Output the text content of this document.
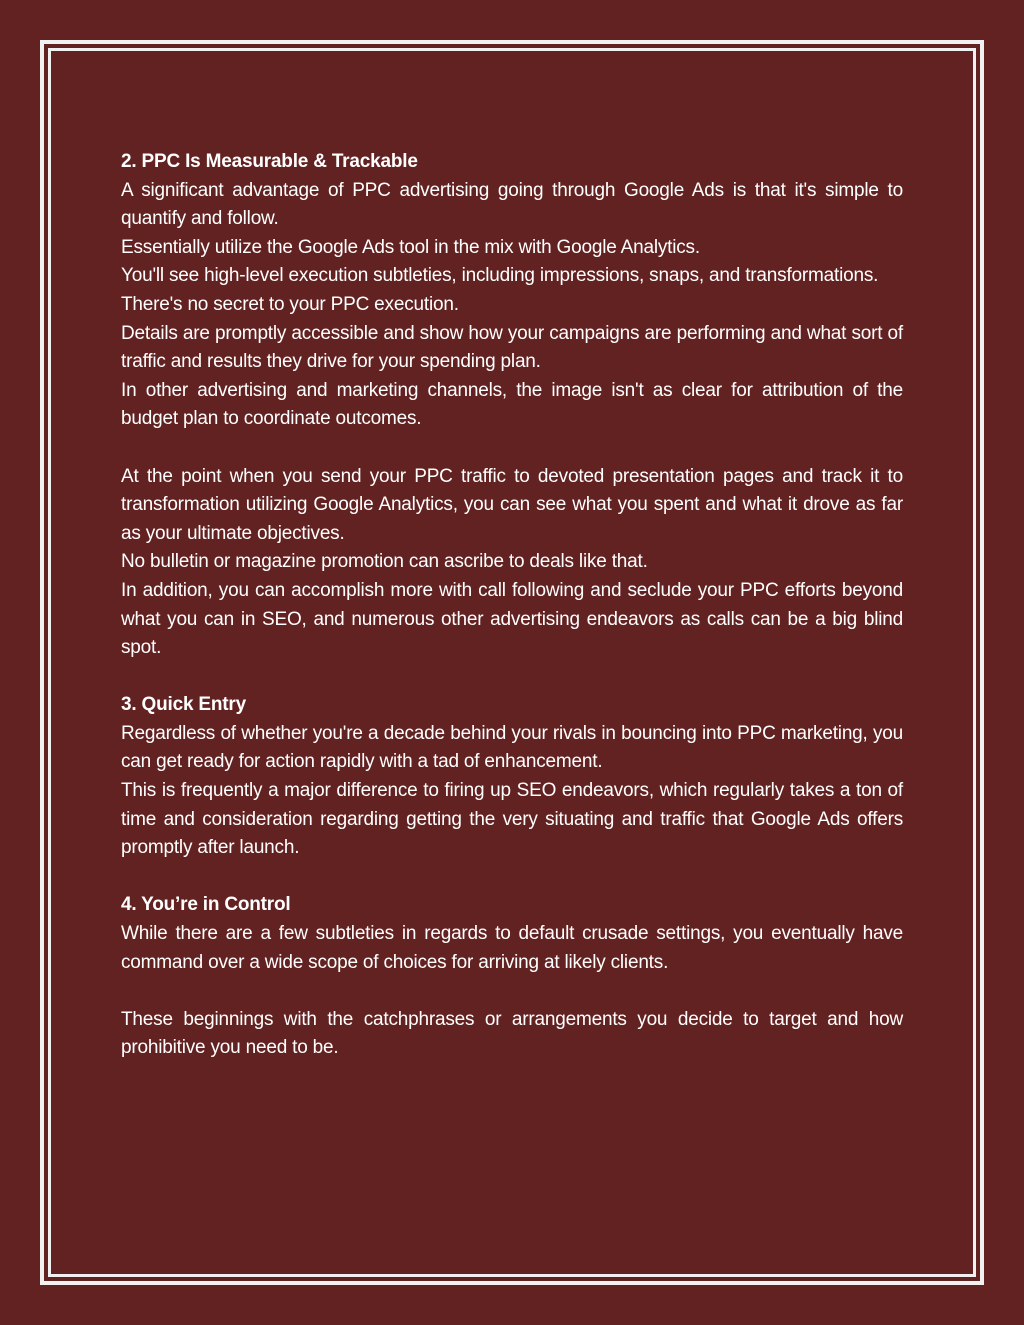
2. PPC Is Measurable & Trackable

A significant advantage of PPC advertising going through Google Ads is that it's simple to quantify and follow.

Essentially utilize the Google Ads tool in the mix with Google Analytics.

You'll see high-level execution subtleties, including impressions, snaps, and transformations.

There's no secret to your PPC execution.

Details are promptly accessible and show how your campaigns are performing and what sort of traffic and results they drive for your spending plan.

In other advertising and marketing channels, the image isn't as clear for attribution of the budget plan to coordinate outcomes.

At the point when you send your PPC traffic to devoted presentation pages and track it to transformation utilizing Google Analytics, you can see what you spent and what it drove as far as your ultimate objectives.

No bulletin or magazine promotion can ascribe to deals like that.

In addition, you can accomplish more with call following and seclude your PPC efforts beyond what you can in SEO, and numerous other advertising endeavors as calls can be a big blind spot.

3. Quick Entry

Regardless of whether you're a decade behind your rivals in bouncing into PPC marketing, you can get ready for action rapidly with a tad of enhancement.

This is frequently a major difference to firing up SEO endeavors, which regularly takes a ton of time and consideration regarding getting the very situating and traffic that Google Ads offers promptly after launch.

4. You’re in Control

While there are a few subtleties in regards to default crusade settings, you eventually have command over a wide scope of choices for arriving at likely clients.

These beginnings with the catchphrases or arrangements you decide to target and how prohibitive you need to be.
